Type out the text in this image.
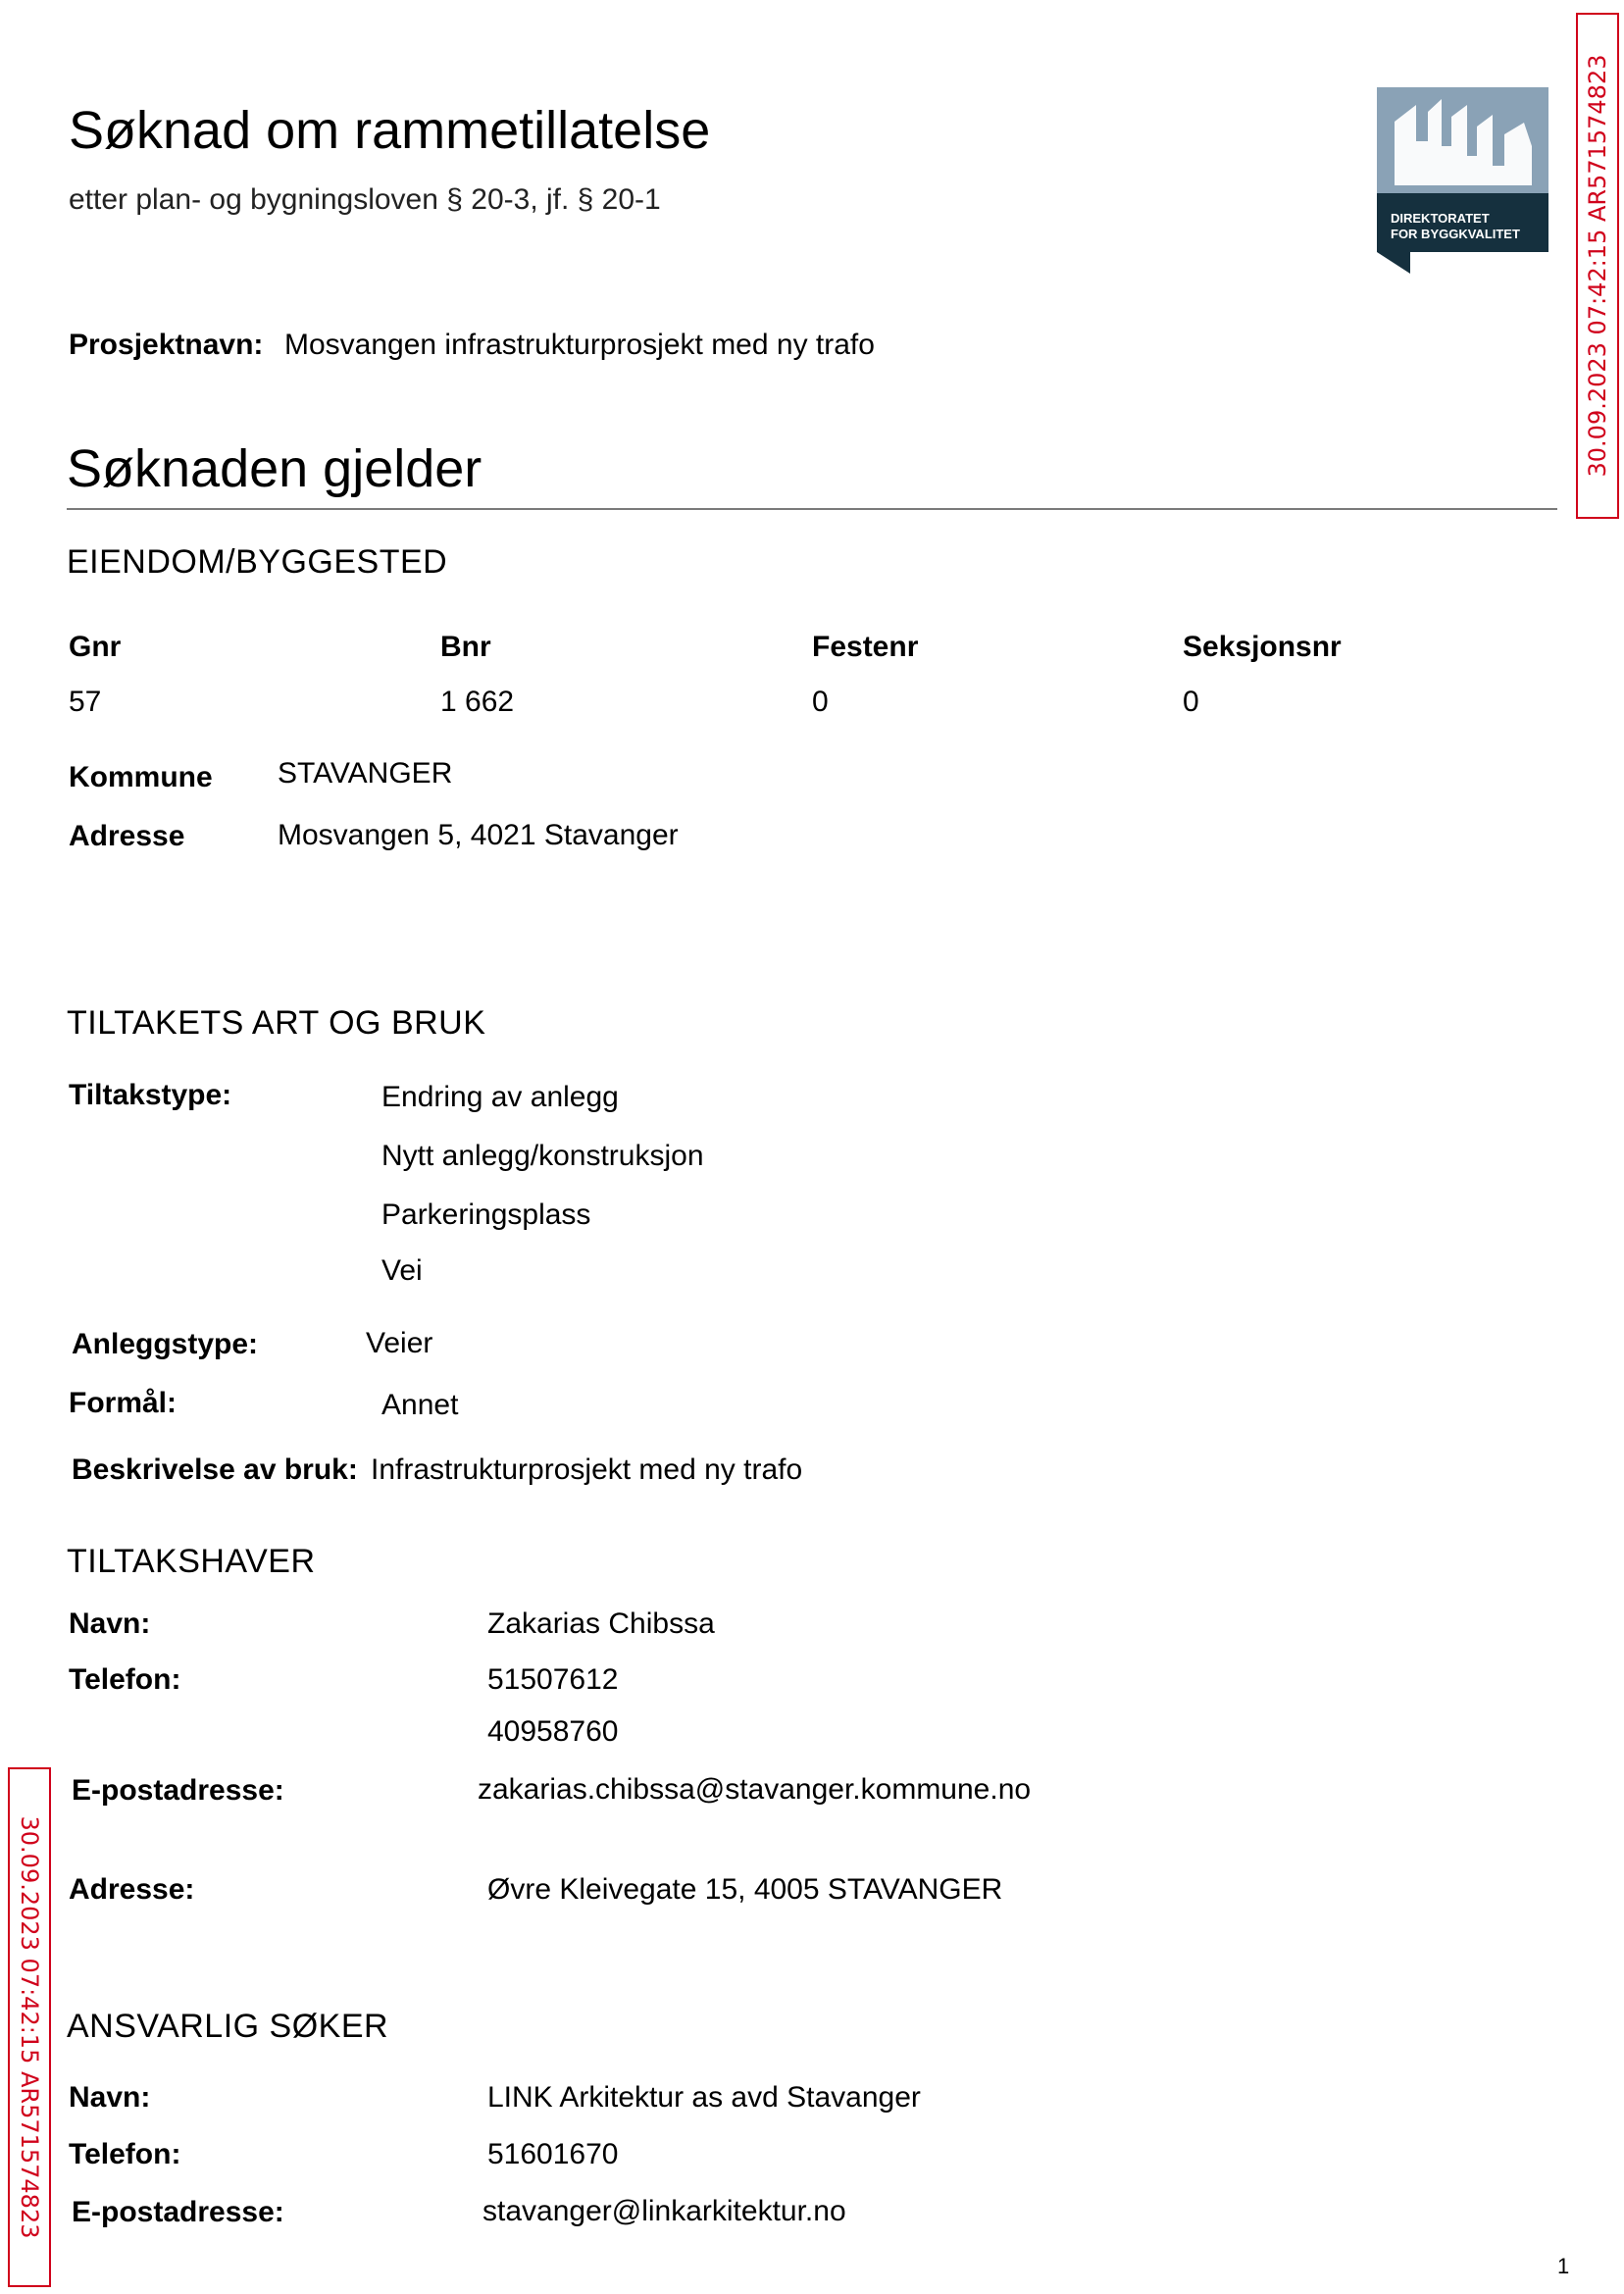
Søknad om rammetillatelse
etter plan- og bygningsloven § 20-3, jf. § 20-1
DIREKTORATET
FOR BYGGKVALITET	30.09.2023 07:42:15 AR571574823
30.09.2023 07:42:15 AR571574823
Prosjektnavn: Mosvangen infrastrukturprosjekt med ny trafo
Søknaden gjelder
EIENDOM/BYGGESTED
Gnr	Bnr	Festenr	Seksjonsnr
57	1 662	0	0
Kommune STAVANGER
Adresse	Mosvangen 5, 4021 Stavanger
TILTAKETS ART OG BRUK
Tiltakstype:	Endring av anlegg
Nytt anlegg/konstruksjon
Parkeringsplass
Vei
Anleggstype:	Veier
Formål:	Annet
Beskrivelse av bruk: Infrastrukturprosjekt med ny trafo
TILTAKSHAVER
Navn:	Zakarias Chibssa
Telefon:	51507612
40958760
E-postadresse:	zakarias.chibssa@stavanger.kommune.no
Adresse:	Øvre Kleivegate 15, 4005 STAVANGER
ANSVARLIG SØKER
Navn:	LINK Arkitektur as avd Stavanger
Telefon:	51601670
E-postadresse:	stavanger@linkarkitektur.no
1
